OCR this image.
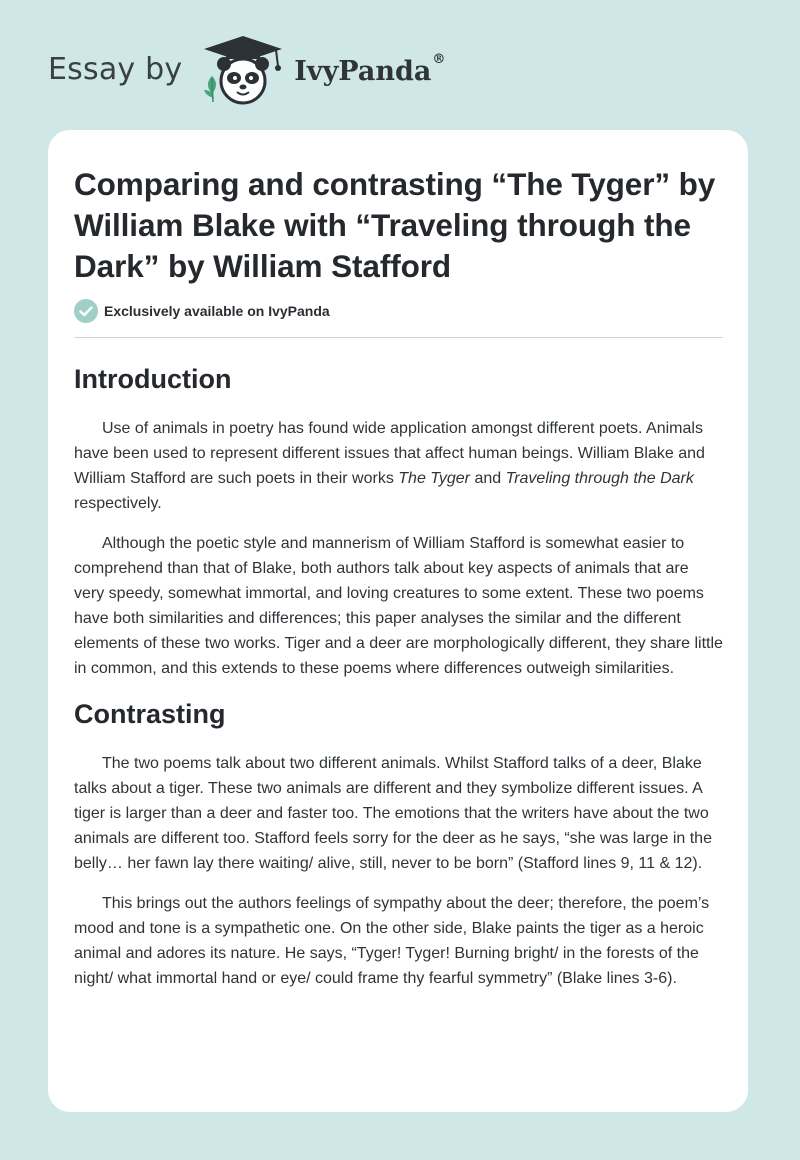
Essay by	IvyPanda®
Comparing and contrasting “The Tyger” by William Blake with “Traveling through the Dark” by William Stafford
Exclusively available on IvyPanda
Introduction

Use of animals in poetry has found wide application amongst different poets. Animals have been used to represent different issues that affect human beings. William Blake and William Stafford are such poets in their works The Tyger and Traveling through the Dark respectively.

Although the poetic style and mannerism of William Stafford is somewhat easier to comprehend than that of Blake, both authors talk about key aspects of animals that are very speedy, somewhat immortal, and loving creatures to some extent. These two poems have both similarities and differences; this paper analyses the similar and the different elements of these two works. Tiger and a deer are morphologically different, they share little in common, and this extends to these poems where differences outweigh similarities.

Contrasting

The two poems talk about two different animals. Whilst Stafford talks of a deer, Blake talks about a tiger. These two animals are different and they symbolize different issues. A tiger is larger than a deer and faster too. The emotions that the writers have about the two animals are different too. Stafford feels sorry for the deer as he says, “she was large in the belly… her fawn lay there waiting/ alive, still, never to be born” (Stafford lines 9, 11 & 12).

This brings out the authors feelings of sympathy about the deer; therefore, the poem’s mood and tone is a sympathetic one. On the other side, Blake paints the tiger as a heroic animal and adores its nature. He says, “Tyger! Tyger! Burning bright/ in the forests of the night/ what immortal hand or eye/ could frame thy fearful symmetry” (Blake lines 3-6).
